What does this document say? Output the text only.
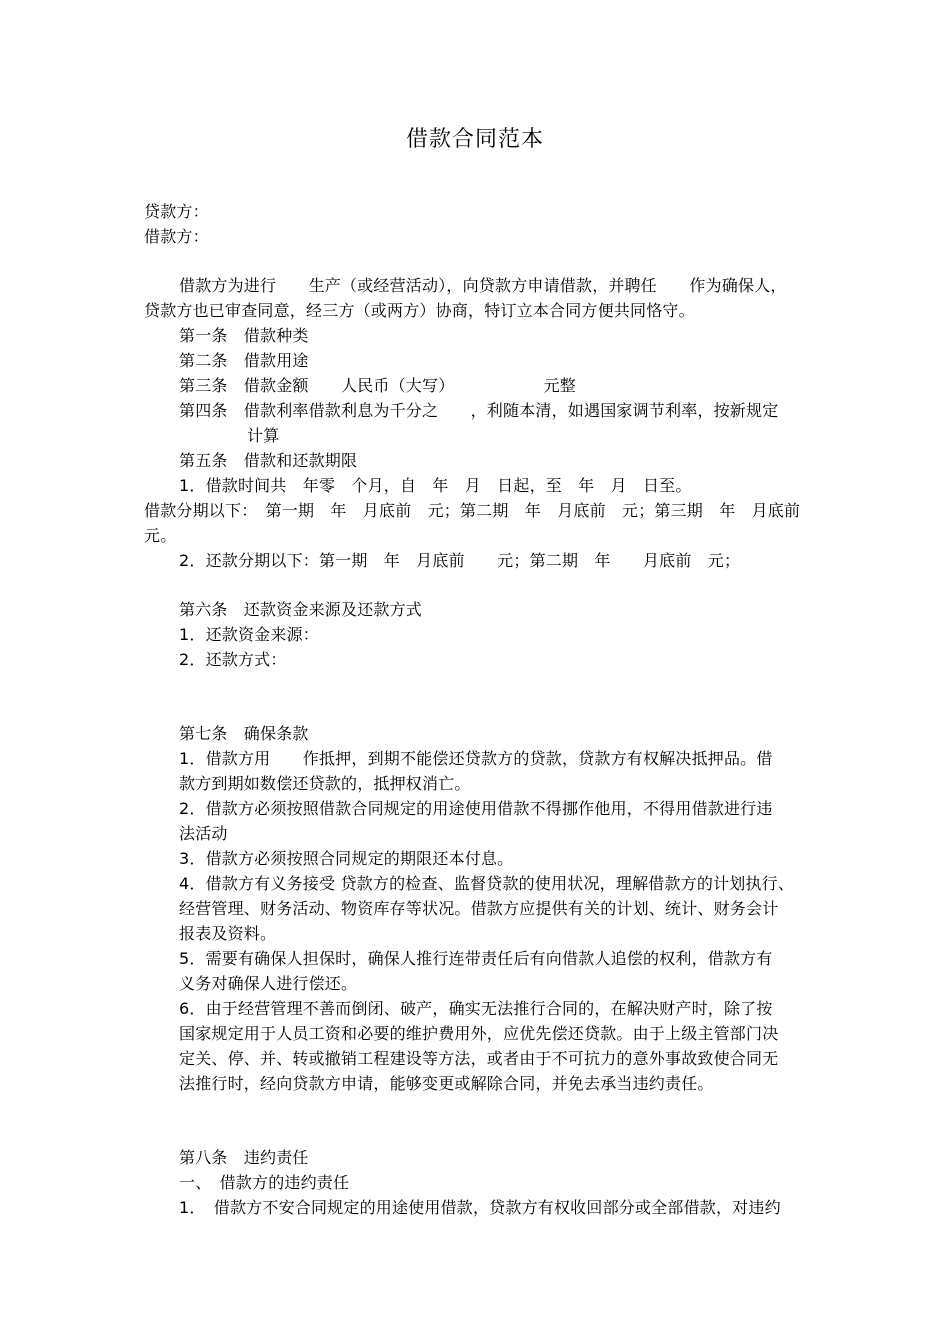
借款合同范本
贷款方：
借款方：
借款方为进行　　生产（或经营活动），向贷款方申请借款，并聘任　　作为确保人，
贷款方也已审查同意，经三方（或两方）协商，特订立本合同方便共同恪守。
第一条　借款种类
第二条　借款用途
第三条　借款金额　　人民币（大写）　　　　　　元整
第四条　借款利率借款利息为千分之　　，利随本清，如遇国家调节利率，按新规定
计算
第五条　借款和还款期限
1．借款时间共　年零　个月，自　年　月　日起，至　年　月　日至。
借款分期以下：　第一期　年　月底前　元；第二期　年　月底前　元；第三期　年　月底前
元。
2．还款分期以下：第一期　年　月底前　　元；第二期　年　　月底前　元；
第六条　还款资金来源及还款方式
1．还款资金来源：
2．还款方式：
第七条　确保条款
1．借款方用　　作抵押，到期不能偿还贷款方的贷款，贷款方有权解决抵押品。借
款方到期如数偿还贷款的，抵押权消亡。
2．借款方必须按照借款合同规定的用途使用借款不得挪作他用，不得用借款进行违
法活动
3．借款方必须按照合同规定的期限还本付息。
4．借款方有义务接受 贷款方的检查、监督贷款的使用状况，理解借款方的计划执行、
经营管理、财务活动、物资库存等状况。借款方应提供有关的计划、统计、财务会计
报表及资料。
5．需要有确保人担保时，确保人推行连带责任后有向借款人追偿的权利，借款方有
义务对确保人进行偿还。
6．由于经营管理不善而倒闭、破产，确实无法推行合同的，在解决财产时，除了按
国家规定用于人员工资和必要的维护费用外，应优先偿还贷款。由于上级主管部门决
定关、停、并、转或撤销工程建设等方法，或者由于不可抗力的意外事故致使合同无
法推行时，经向贷款方申请，能够变更或解除合同，并免去承当违约责任。
第八条　违约责任
一、　借款方的违约责任
1．　借款方不安合同规定的用途使用借款，贷款方有权收回部分或全部借款，对违约
